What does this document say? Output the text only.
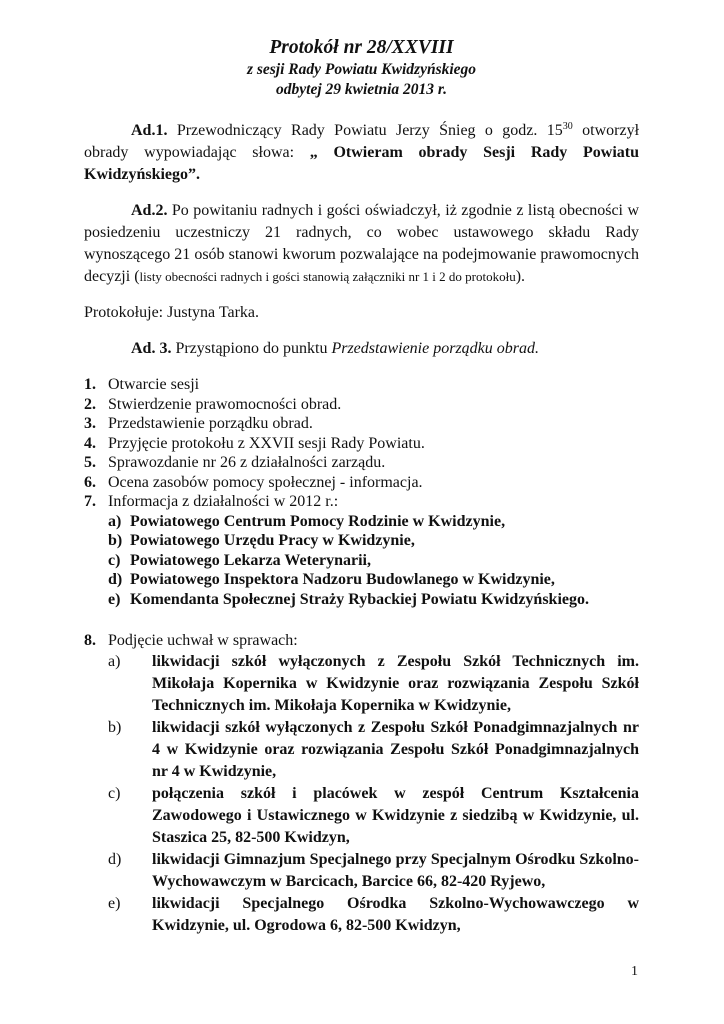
Protokół nr 28/XXVIII
z sesji Rady Powiatu Kwidzyńskiego
odbytej 29 kwietnia 2013 r.

Ad.1. Przewodniczący Rady Powiatu Jerzy Śnieg o godz. $15^{30}$ otworzył obrady wypowiadając słowa: „ Otwieram obrady Sesji Rady Powiatu Kwidzyńskiego”.

Ad.2. Po powitaniu radnych i gości oświadczył, iż zgodnie z listą obecności w posiedzeniu uczestniczy 21 radnych, co wobec ustawowego składu Rady wynoszącego 21 osób stanowi kworum pozwalające na podejmowanie prawomocnych decyzji (listy obecności radnych i gości stanowią załączniki nr 1 i 2 do protokołu).

Protokołuje: Justyna Tarka.

Ad. 3. Przystąpiono do punktu Przedstawienie porządku obrad.

1. Otwarcie sesji
2. Stwierdzenie prawomocności obrad.
3. Przedstawienie porządku obrad.
4. Przyjęcie protokołu z XXVII sesji Rady Powiatu.
5. Sprawozdanie nr 26 z działalności zarządu.
6. Ocena zasobów pomocy społecznej - informacja.
7. Informacja z działalności w 2012 r.:
a) Powiatowego Centrum Pomocy Rodzinie w Kwidzynie,
b) Powiatowego Urzędu Pracy w Kwidzynie,
c) Powiatowego Lekarza Weterynarii,
d) Powiatowego Inspektora Nadzoru Budowlanego w Kwidzynie,
e) Komendanta Społecznej Straży Rybackiej Powiatu Kwidzyńskiego.
8. Podjęcie uchwał w sprawach:
a) likwidacji szkół wyłączonych z Zespołu Szkół Technicznych im. Mikołaja Kopernika w Kwidzynie oraz rozwiązania Zespołu Szkół Technicznych im. Mikołaja Kopernika w Kwidzynie,
b) likwidacji szkół wyłączonych z Zespołu Szkół Ponadgimnazjalnych nr 4 w Kwidzynie oraz rozwiązania Zespołu Szkół Ponadgimnazjalnych nr 4 w Kwidzynie,
c) połączenia szkół i placówek w zespół Centrum Kształcenia Zawodowego i Ustawicznego w Kwidzynie z siedzibą w Kwidzynie, ul. Staszica 25, 82-500 Kwidzyn,
d) likwidacji Gimnazjum Specjalnego przy Specjalnym Ośrodku Szkolno-Wychowawczym w Barcicach, Barcice 66, 82-420 Ryjewo,
e) likwidacji Specjalnego Ośrodka Szkolno-Wychowawczego w Kwidzynie, ul. Ogrodowa 6, 82-500 Kwidzyn,
1
